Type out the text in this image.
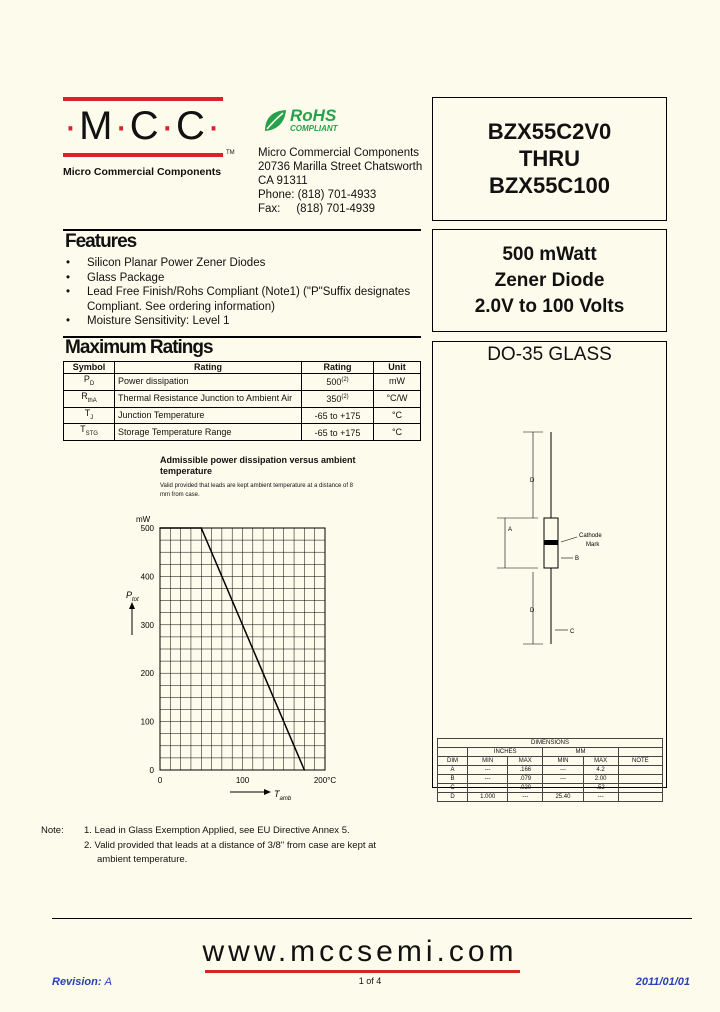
·M·C·C·
TM
Micro Commercial Components
RoHS
COMPLIANT
Micro Commercial Components
20736 Marilla Street Chatsworth
CA 91311
Phone: (818) 701-4933
Fax:     (818) 701-4939
BZX55C2V0
THRU
BZX55C100
500 mWatt
Zener Diode
2.0V to 100 Volts
Features
• Silicon Planar Power Zener Diodes
• Glass Package
• Lead Free Finish/Rohs Compliant (Note1) ("P"Suffix designates Compliant. See ordering information)
• Moisture Sensitivity: Level 1
Maximum Ratings
Symbol	Rating	Rating	Unit
$P_D$	Power dissipation	500$^{(2)}$	mW
$R_{thA}$	Thermal Resistance Junction to Ambient Air	350$^{(2)}$	°C/W
$T_J$	Junction Temperature	-65 to +175	°C
$T_{STG}$	Storage Temperature Range	-65 to +175	°C
Admissible power dissipation versus ambient temperature
Valid provided that leads are kept ambient temperature at a distance of 8 mm from case.
0
100
200
300
400
500
0	100	200°C
mW
$P_{tot}$
$T_{amb}$
DO-35 GLASS
D
A
Cathode
Mark
B
D
C
DIMENSIONS					
	INCHES		MM		
DIM	MIN	MAX	MIN	MAX	NOTE
A	---	.166	---	4.2	
B	---	.079	---	2.00	
C	---	.020	---	.52	
D	1.000	---	25.40	---	
Note: 1. Lead in Glass Exemption Applied, see EU Directive Annex 5.
2. Valid provided that leads at a distance of 3/8" from case are kept at
ambient temperature.
www.mccsemi.com
Revision: A	1 of 4	2011/01/01
